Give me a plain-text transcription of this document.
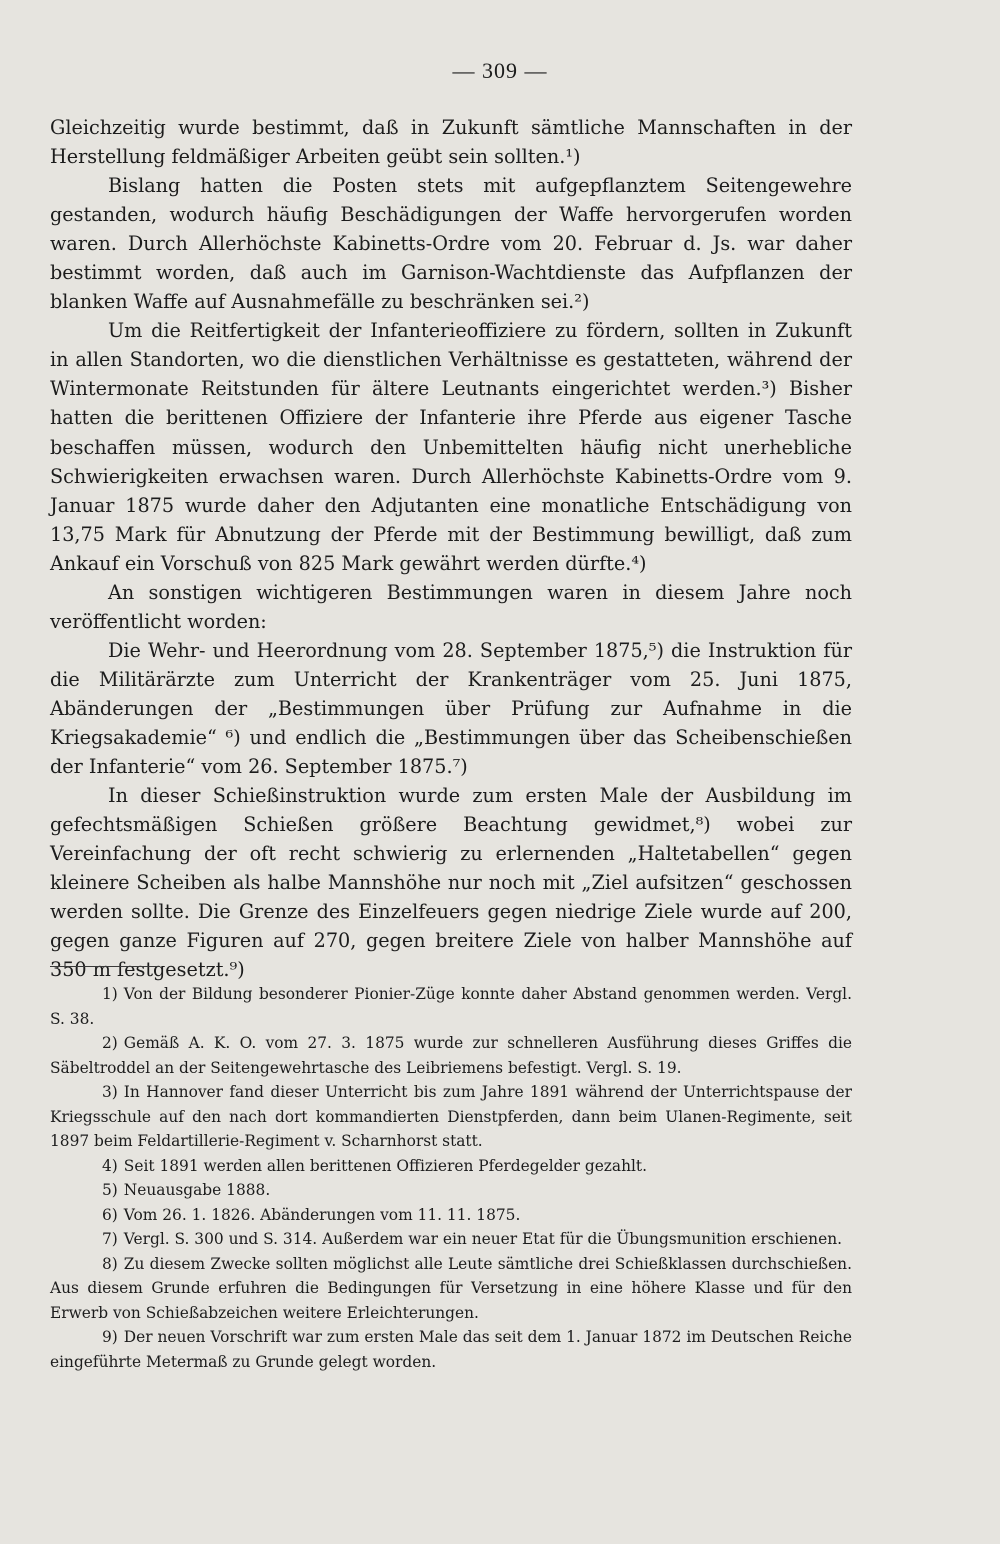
— 309 —

Gleichzeitig wurde bestimmt, daß in Zukunft sämtliche Mannschaften in der Herstellung feldmäßiger Arbeiten geübt sein sollten.¹)

Bislang hatten die Posten stets mit aufgepflanztem Seitengewehre gestanden, wodurch häufig Beschädigungen der Waffe hervorgerufen worden waren. Durch Allerhöchste Kabinetts-Ordre vom 20. Februar d. Js. war daher bestimmt worden, daß auch im Garnison-Wachtdienste das Aufpflanzen der blanken Waffe auf Ausnahmefälle zu beschränken sei.²)

Um die Reitfertigkeit der Infanterieoffiziere zu fördern, sollten in Zukunft in allen Standorten, wo die dienstlichen Verhältnisse es gestatteten, während der Wintermonate Reitstunden für ältere Leutnants eingerichtet werden.³) Bisher hatten die berittenen Offiziere der Infanterie ihre Pferde aus eigener Tasche beschaffen müssen, wodurch den Unbemittelten häufig nicht unerhebliche Schwierigkeiten erwachsen waren. Durch Allerhöchste Kabinetts-Ordre vom 9. Januar 1875 wurde daher den Adjutanten eine monatliche Entschädigung von 13,75 Mark für Abnutzung der Pferde mit der Bestimmung bewilligt, daß zum Ankauf ein Vorschuß von 825 Mark gewährt werden dürfte.⁴)

An sonstigen wichtigeren Bestimmungen waren in diesem Jahre noch veröffentlicht worden:

Die Wehr- und Heerordnung vom 28. September 1875,⁵) die Instruktion für die Militärärzte zum Unterricht der Krankenträger vom 25. Juni 1875, Abänderungen der „Bestimmungen über Prüfung zur Aufnahme in die Kriegsakademie“ ⁶) und endlich die „Bestimmungen über das Scheibenschießen der Infanterie“ vom 26. September 1875.⁷)

In dieser Schießinstruktion wurde zum ersten Male der Ausbildung im gefechtsmäßigen Schießen größere Beachtung gewidmet,⁸) wobei zur Vereinfachung der oft recht schwierig zu erlernenden „Haltetabellen“ gegen kleinere Scheiben als halbe Mannshöhe nur noch mit „Ziel aufsitzen“ geschossen werden sollte. Die Grenze des Einzelfeuers gegen niedrige Ziele wurde auf 200, gegen ganze Figuren auf 270, gegen breitere Ziele von halber Mannshöhe auf 350 m festgesetzt.⁹)

1) Von der Bildung besonderer Pionier-Züge konnte daher Abstand genommen werden. Vergl. S. 38.

2) Gemäß A. K. O. vom 27. 3. 1875 wurde zur schnelleren Ausführung dieses Griffes die Säbeltroddel an der Seitengewehrtasche des Leibriemens befestigt. Vergl. S. 19.

3) In Hannover fand dieser Unterricht bis zum Jahre 1891 während der Unterrichtspause der Kriegsschule auf den nach dort kommandierten Dienstpferden, dann beim Ulanen-Regimente, seit 1897 beim Feldartillerie-Regiment v. Scharnhorst statt.

4) Seit 1891 werden allen berittenen Offizieren Pferdegelder gezahlt.

5) Neuausgabe 1888.

6) Vom 26. 1. 1826. Abänderungen vom 11. 11. 1875.

7) Vergl. S. 300 und S. 314. Außerdem war ein neuer Etat für die Übungsmunition erschienen.

8) Zu diesem Zwecke sollten möglichst alle Leute sämtliche drei Schießklassen durchschießen. Aus diesem Grunde erfuhren die Bedingungen für Versetzung in eine höhere Klasse und für den Erwerb von Schießabzeichen weitere Erleichterungen.

9) Der neuen Vorschrift war zum ersten Male das seit dem 1. Januar 1872 im Deutschen Reiche eingeführte Metermaß zu Grunde gelegt worden.
